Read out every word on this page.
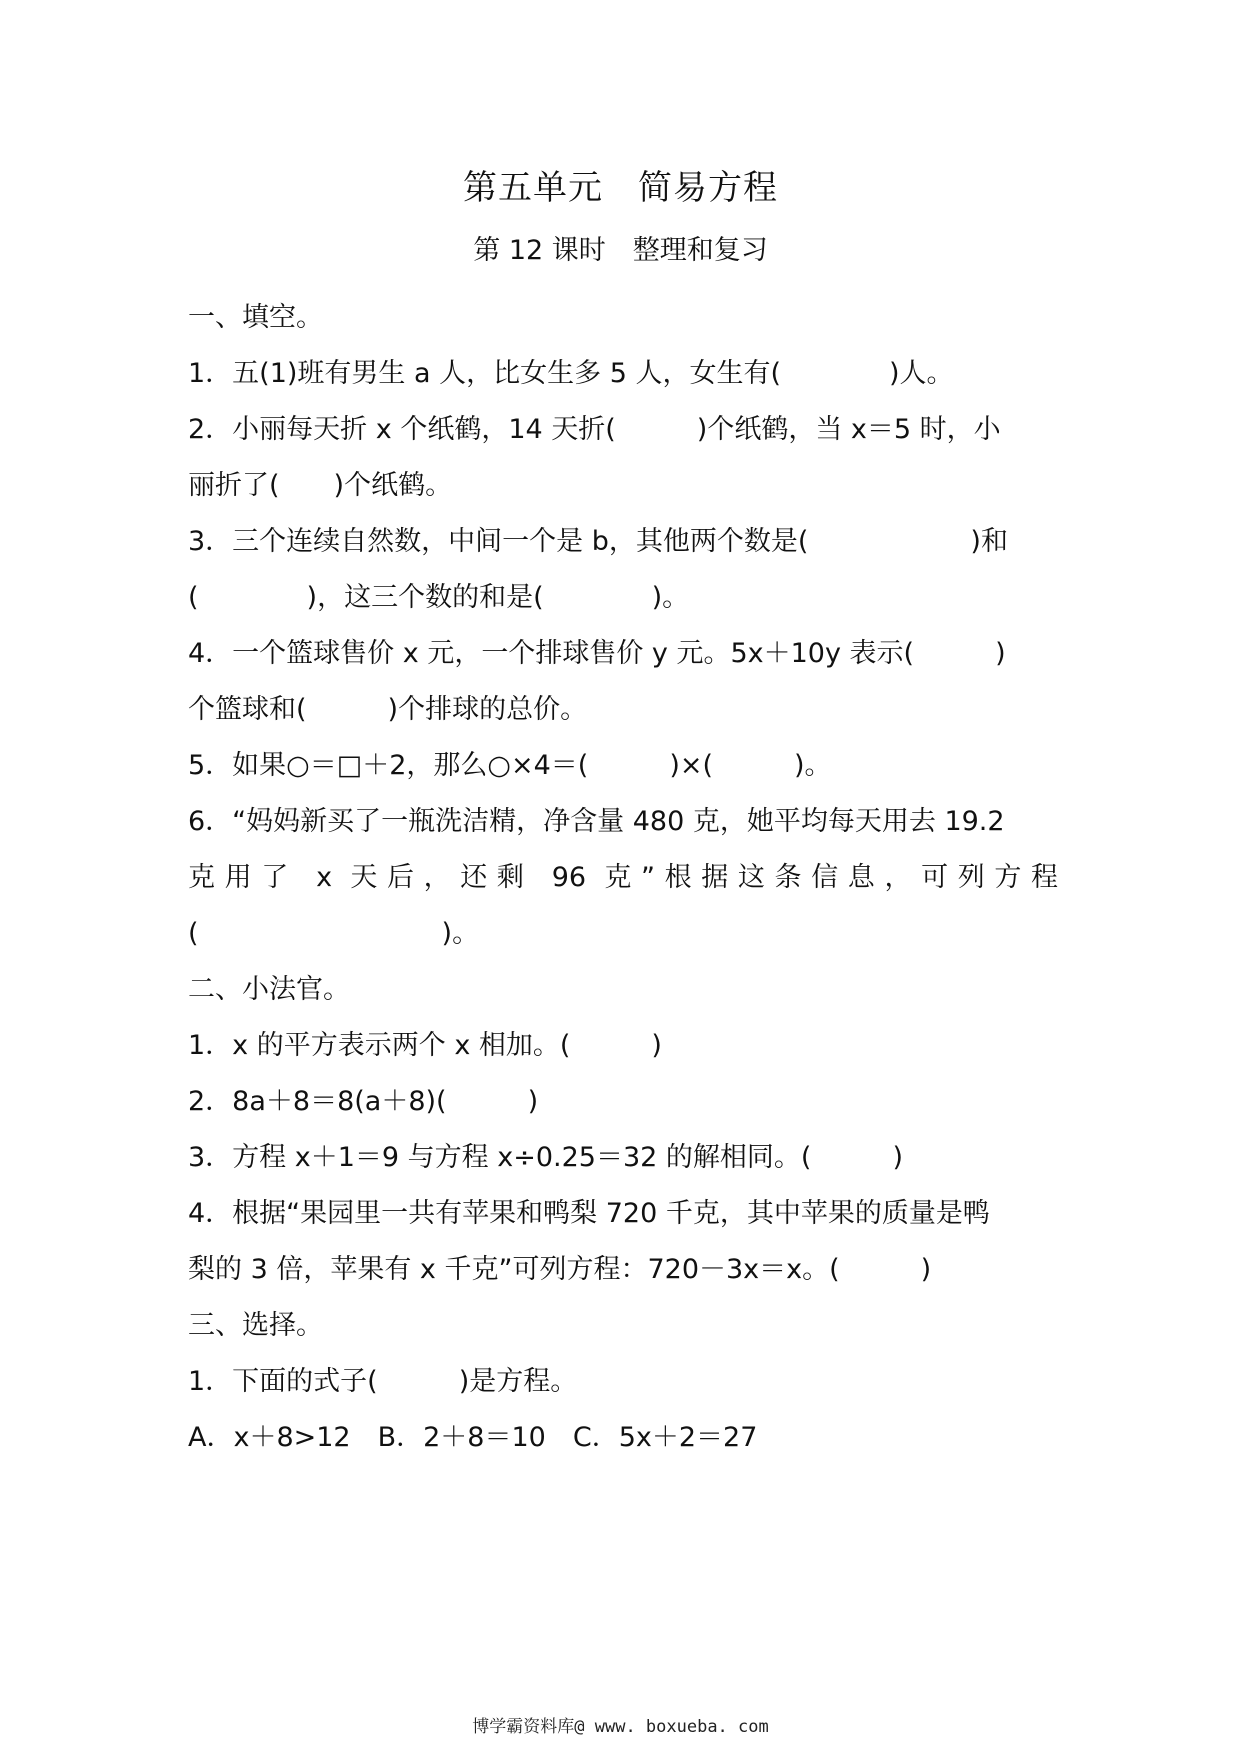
第五单元　简易方程
第 12 课时　整理和复习
一、填空。
1．五(1)班有男生 a 人，比女生多 5 人，女生有(　　　　)人。
2．小丽每天折 x 个纸鹤，14 天折(　　　)个纸鹤，当 x＝5 时，小
丽折了(　　)个纸鹤。
3．三个连续自然数，中间一个是 b，其他两个数是(　　　　　　)和
(　　　　)，这三个数的和是(　　　　)。
4．一个篮球售价 x 元，一个排球售价 y 元。5x＋10y 表示(　　　)
个篮球和(　　　)个排球的总价。
5．如果○＝□＋2，那么○×4＝(　　　)×(　　　)。
6．“妈妈新买了一瓶洗洁精，净含量 480 克，她平均每天用去 19.2
克用了 x 天后，还剩 96 克”根据这条信息，可列方程
(　　　　　　　　　)。
二、小法官。
1．x 的平方表示两个 x 相加。(　　　)
2．8a＋8＝8(a＋8)(　　　)
3．方程 x＋1＝9 与方程 x÷0.25＝32 的解相同。(　　　)
4．根据“果园里一共有苹果和鸭梨 720 千克，其中苹果的质量是鸭
梨的 3 倍，苹果有 x 千克”可列方程：720－3x＝x。(　　　)
三、选择。
1．下面的式子(　　　)是方程。
A．x＋8>12　B．2＋8＝10　C．5x＋2＝27
博学霸资料库@ www. boxueba. com
